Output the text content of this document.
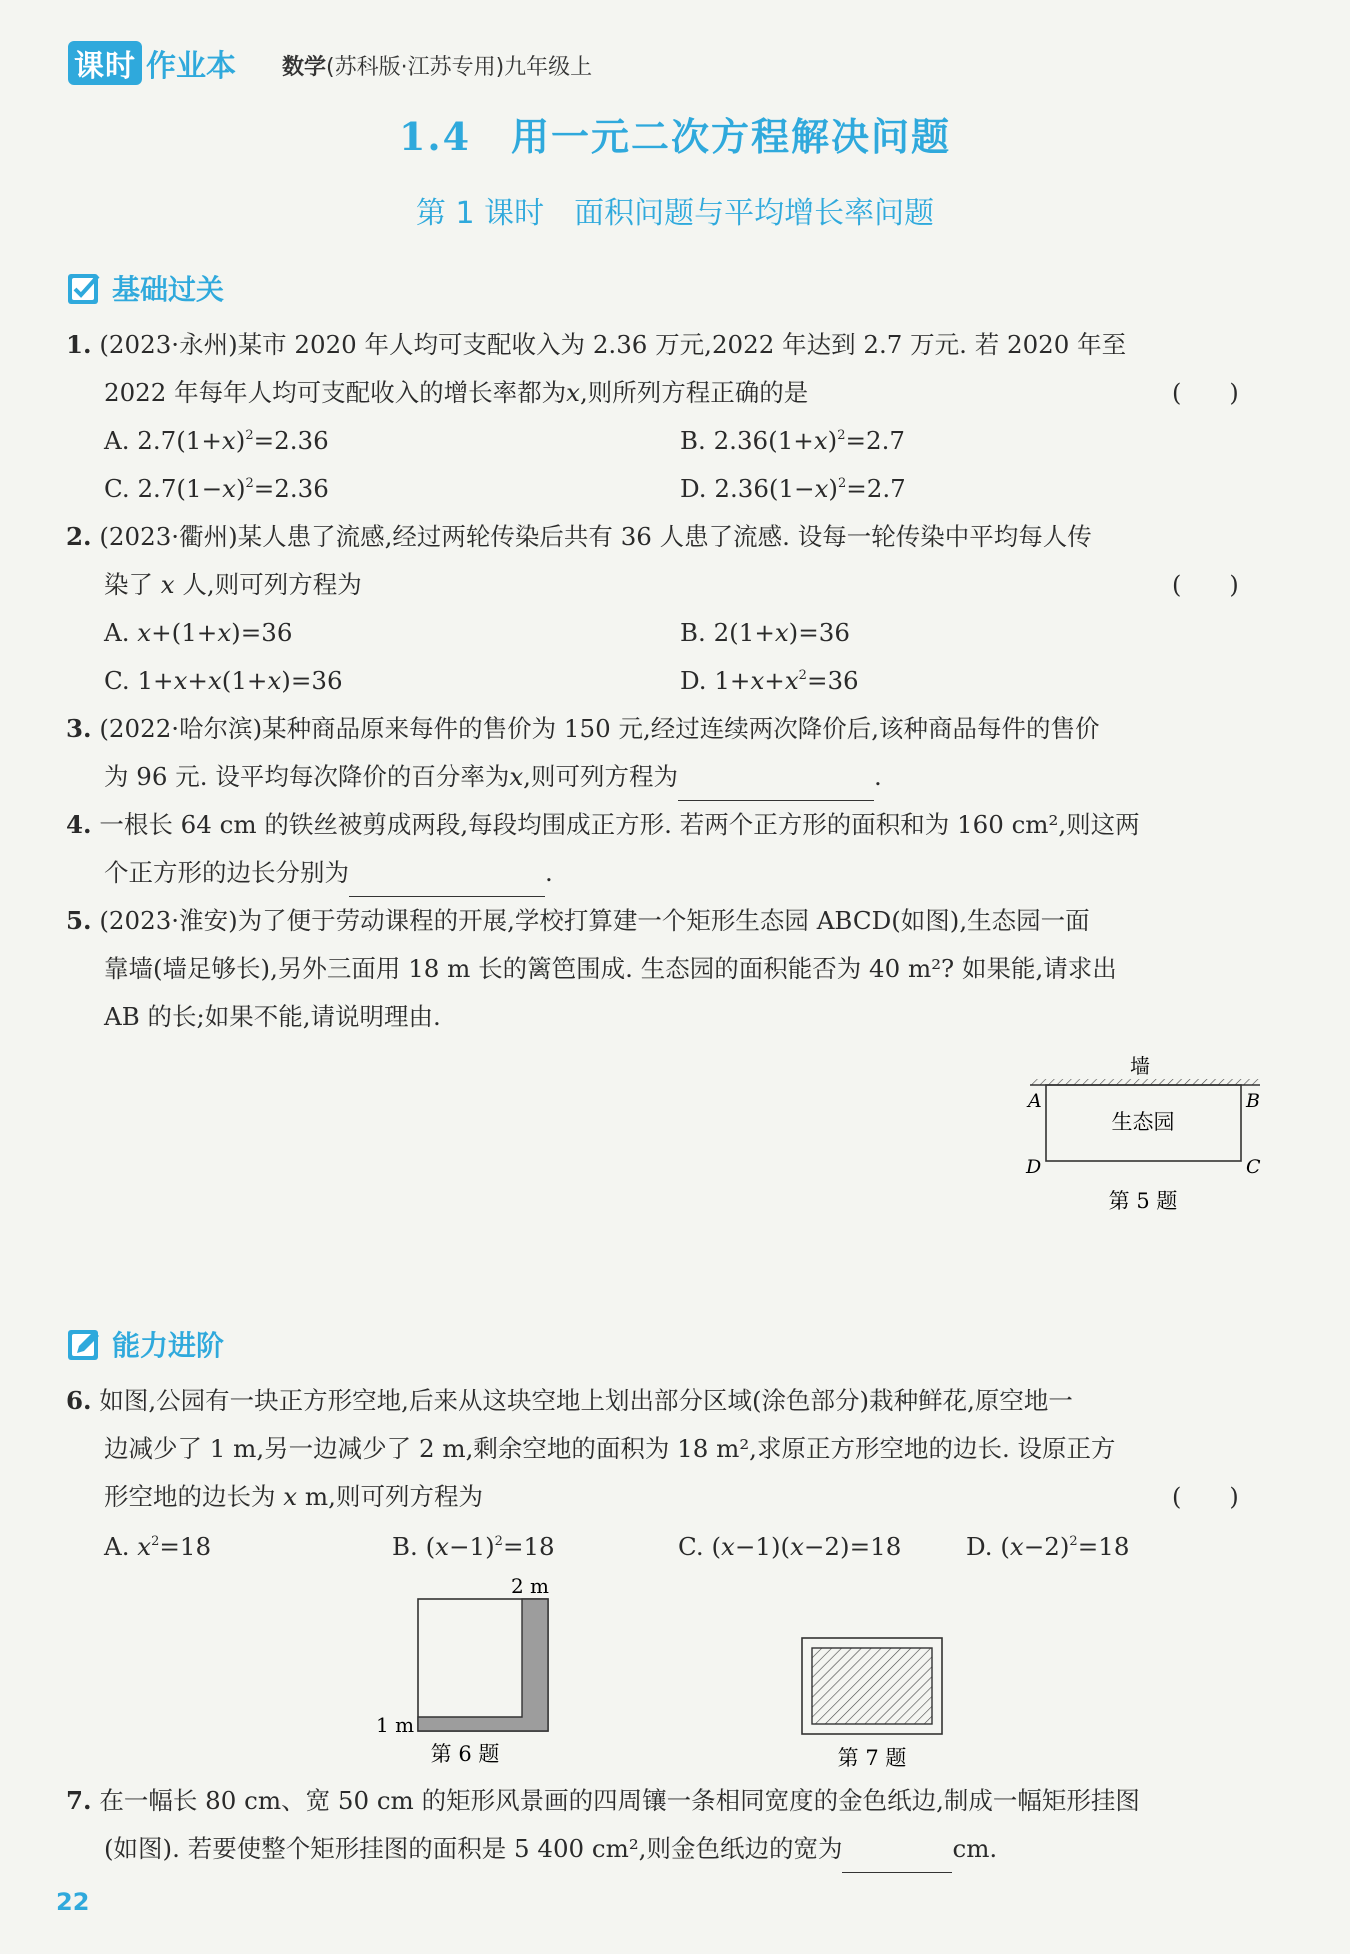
课时 作业本 数学(苏科版·江苏专用)九年级上
1.4　用一元二次方程解决问题
第 1 课时　面积问题与平均增长率问题
基础过关
1. (2023·永州)某市 2020 年人均可支配收入为 2.36 万元,2022 年达到 2.7 万元. 若 2020 年至
2022 年每年人均可支配收入的增长率都为x,则所列方程正确的是	(　　)
A. $2.7(1+x)^2=2.36$	B. $2.36(1+x)^2=2.7$
C. $2.7(1-x)^2=2.36$	D. $2.36(1-x)^2=2.7$
2. (2023·衢州)某人患了流感,经过两轮传染后共有 36 人患了流感. 设每一轮传染中平均每人传
染了 x 人,则可列方程为	(　　)
A. x+(1+x)=36	B. 2(1+x)=36
C. 1+x+x(1+x)=36	D. $1+x+x^2=36$
3. (2022·哈尔滨)某种商品原来每件的售价为 150 元,经过连续两次降价后,该种商品每件的售价
为 96 元. 设平均每次降价的百分率为x,则可列方程为	.
4. 一根长 64 cm 的铁丝被剪成两段,每段均围成正方形. 若两个正方形的面积和为 160 cm²,则这两
个正方形的边长分别为	.
5. (2023·淮安)为了便于劳动课程的开展,学校打算建一个矩形生态园 ABCD(如图),生态园一面
靠墙(墙足够长),另外三面用 18 m 长的篱笆围成. 生态园的面积能否为 40 m²? 如果能,请求出
AB 的长;如果不能,请说明理由.
墙
生态园
A	B
C
D
第 5 题
能力进阶
6. 如图,公园有一块正方形空地,后来从这块空地上划出部分区域(涂色部分)栽种鲜花,原空地一
边减少了 1 m,另一边减少了 2 m,剩余空地的面积为 18 m²,求原正方形空地的边长. 设原正方
形空地的边长为 x m,则可列方程为	(　　)
A. $x^2=18$	B. $(x-1)^2=18$	C. (x−1)(x−2)=18	D. $(x-2)^2=18$
2 m
1 m
第 6 题	第 7 题
7. 在一幅长 80 cm、宽 50 cm 的矩形风景画的四周镶一条相同宽度的金色纸边,制成一幅矩形挂图
(如图). 若要使整个矩形挂图的面积是 5 400 cm²,则金色纸边的宽为	cm.
22
